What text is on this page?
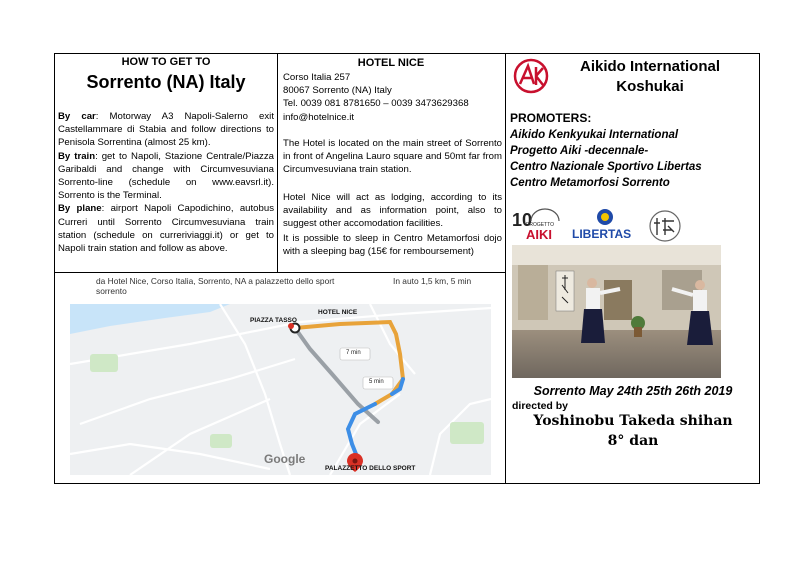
HOW TO GET TO
Sorrento (NA) Italy
By car: Motorway A3 Napoli-Salerno exit Castellammare di Stabia and follow directions to Penisola Sorrentina (almost 25 km).
By train: get to Napoli, Stazione Centrale/Piazza Garibaldi and change with Circumvesuviana Sorrento-line (schedule on www.eavsrl.it). Sorrento is the Terminal.
By plane: airport Napoli Capodichino, autobus Curreri until Sorrento Circumvesuviana train station (schedule on curreriviaggi.it) or get to Napoli train station and follow as above.
HOTEL NICE
Corso Italia 257
80067 Sorrento (NA) Italy
Tel. 0039 081 8781650 – 0039 3473629368
info@hotelnice.it
The Hotel is located on the main street of Sorrento in front of Angelina Lauro square and 50mt far from Circumvesuviana train station.
Hotel Nice will act as lodging, according to its availability and as information point, also to suggest other accomodation facilities.
It is possible to sleep in Centro Metamorfosi dojo with a sleeping bag (15€ for remboursement)
da Hotel Nice, Corso Italia, Sorrento, NA a palazzetto dello sport sorrento
In auto 1,5 km, 5 min
PIAZZA TASSO
HOTEL NICE
PALAZZETTO DELLO SPORT
7 min
5 min
Google
Aikido International
Koshukai
PROMOTERS:
Aikido Kenkyukai International
Progetto Aiki -decennale-
Centro Nazionale Sportivo Libertas
Centro Metamorfosi Sorrento
10
PROGETTO
AIKI LIBERTAS
Sorrento May 24th 25th 26th 2019
directed by
Yoshinobu Takeda shihan
8° dan
